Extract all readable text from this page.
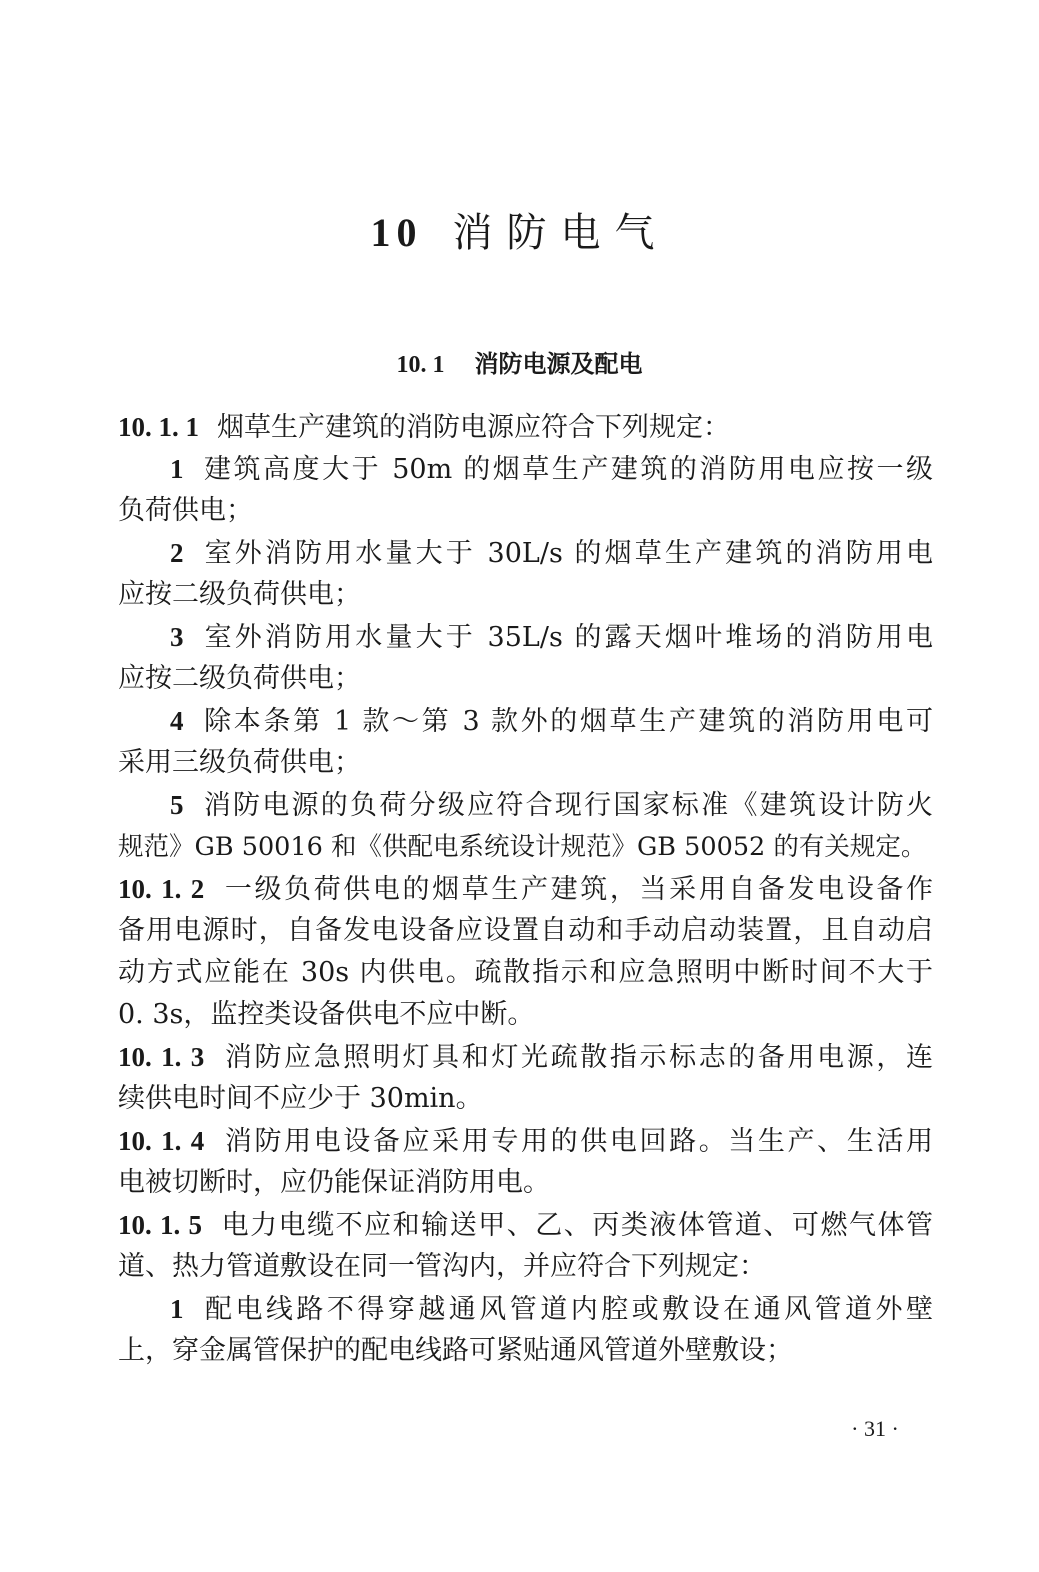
10 消防电气
10. 1 消防电源及配电
10. 1. 1 烟草生产建筑的消防电源应符合下列规定：
1 建筑高度大于 50m 的烟草生产建筑的消防用电应按一级
负荷供电；
2 室外消防用水量大于 30L/s 的烟草生产建筑的消防用电
应按二级负荷供电；
3 室外消防用水量大于 35L/s 的露天烟叶堆场的消防用电
应按二级负荷供电；
4 除本条第 1 款～第 3 款外的烟草生产建筑的消防用电可
采用三级负荷供电；
5 消防电源的负荷分级应符合现行国家标准《建筑设计防火
规范》GB 50016 和《供配电系统设计规范》GB 50052 的有关规定。
10. 1. 2 一级负荷供电的烟草生产建筑，当采用自备发电设备作
备用电源时，自备发电设备应设置自动和手动启动装置，且自动启
动方式应能在 30s 内供电。疏散指示和应急照明中断时间不大于
0. 3s，监控类设备供电不应中断。
10. 1. 3 消防应急照明灯具和灯光疏散指示标志的备用电源，连
续供电时间不应少于 30min。
10. 1. 4 消防用电设备应采用专用的供电回路。当生产、生活用
电被切断时，应仍能保证消防用电。
10. 1. 5 电力电缆不应和输送甲、乙、丙类液体管道、可燃气体管
道、热力管道敷设在同一管沟内，并应符合下列规定：
1 配电线路不得穿越通风管道内腔或敷设在通风管道外壁
上，穿金属管保护的配电线路可紧贴通风管道外壁敷设；
· 31 ·
